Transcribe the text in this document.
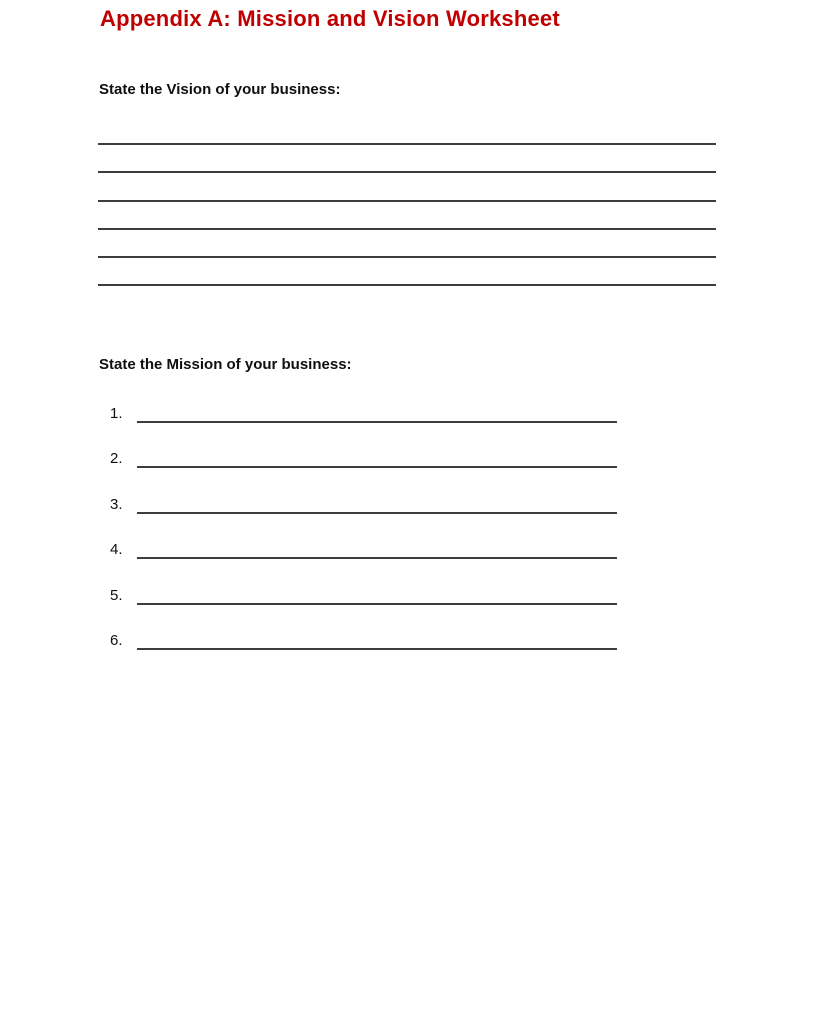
Appendix A: Mission and Vision Worksheet
State the Vision of your business:
State the Mission of your business:
1.
2.
3.
4.
5.
6.
